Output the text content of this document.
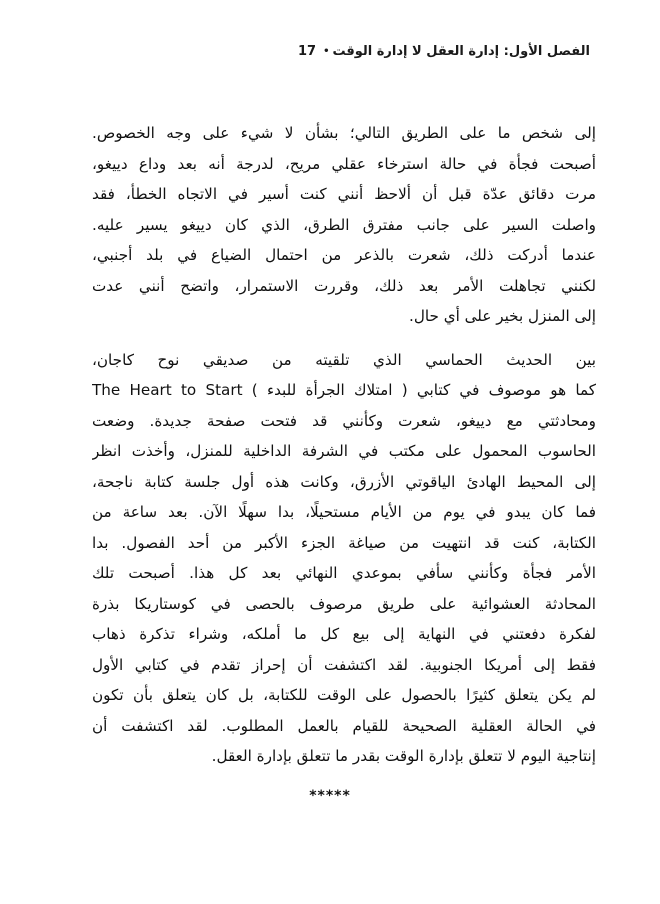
الفصل الأول: إدارة العقل لا إدارة الوقت•17
إلى شخص ما على الطريق التالي؛ بشأن لا شيء على وجه الخصوص.
أصبحت فجأة في حالة استرخاء عقلي مريح، لدرجة أنه بعد وداع دييغو،
مرت دقائق عدّة قبل أن ألاحظ أنني كنت أسير في الاتجاه الخطأ، فقد
واصلت السير على جانب مفترق الطرق، الذي كان دييغو يسير عليه.
عندما أدركت ذلك، شعرت بالذعر من احتمال الضياع في بلد أجنبي،
لكنني تجاهلت الأمر بعد ذلك، وقررت الاستمرار، واتضح أنني عدت
إلى المنزل بخير على أي حال.
بين الحديث الحماسي الذي تلقيته من صديقي نوح كاجان،
كما هو موصوف في كتابي ( امتلاك الجرأة للبدء ) The Heart to Start
ومحادثتي مع دييغو، شعرت وكأنني قد فتحت صفحة جديدة. وضعت
الحاسوب المحمول على مكتب في الشرفة الداخلية للمنزل، وأخذت انظر
إلى المحيط الهادئ الياقوتي الأزرق، وكانت هذه أول جلسة كتابة ناجحة،
فما كان يبدو في يوم من الأيام مستحيلًا، بدا سهلًا الآن. بعد ساعة من
الكتابة، كنت قد انتهيت من صياغة الجزء الأكبر من أحد الفصول. بدا
الأمر فجأة وكأنني سأفي بموعدي النهائي بعد كل هذا. أصبحت تلك
المحادثة العشوائية على طريق مرصوف بالحصى في كوستاريكا بذرة
لفكرة دفعتني في النهاية إلى بيع كل ما أملكه، وشراء تذكرة ذهاب
فقط إلى أمريكا الجنوبية. لقد اكتشفت أن إحراز تقدم في كتابي الأول
لم يكن يتعلق كثيرًا بالحصول على الوقت للكتابة، بل كان يتعلق بأن تكون
في الحالة العقلية الصحيحة للقيام بالعمل المطلوب. لقد اكتشفت أن
إنتاجية اليوم لا تتعلق بإدارة الوقت بقدر ما تتعلق بإدارة العقل.
*****
